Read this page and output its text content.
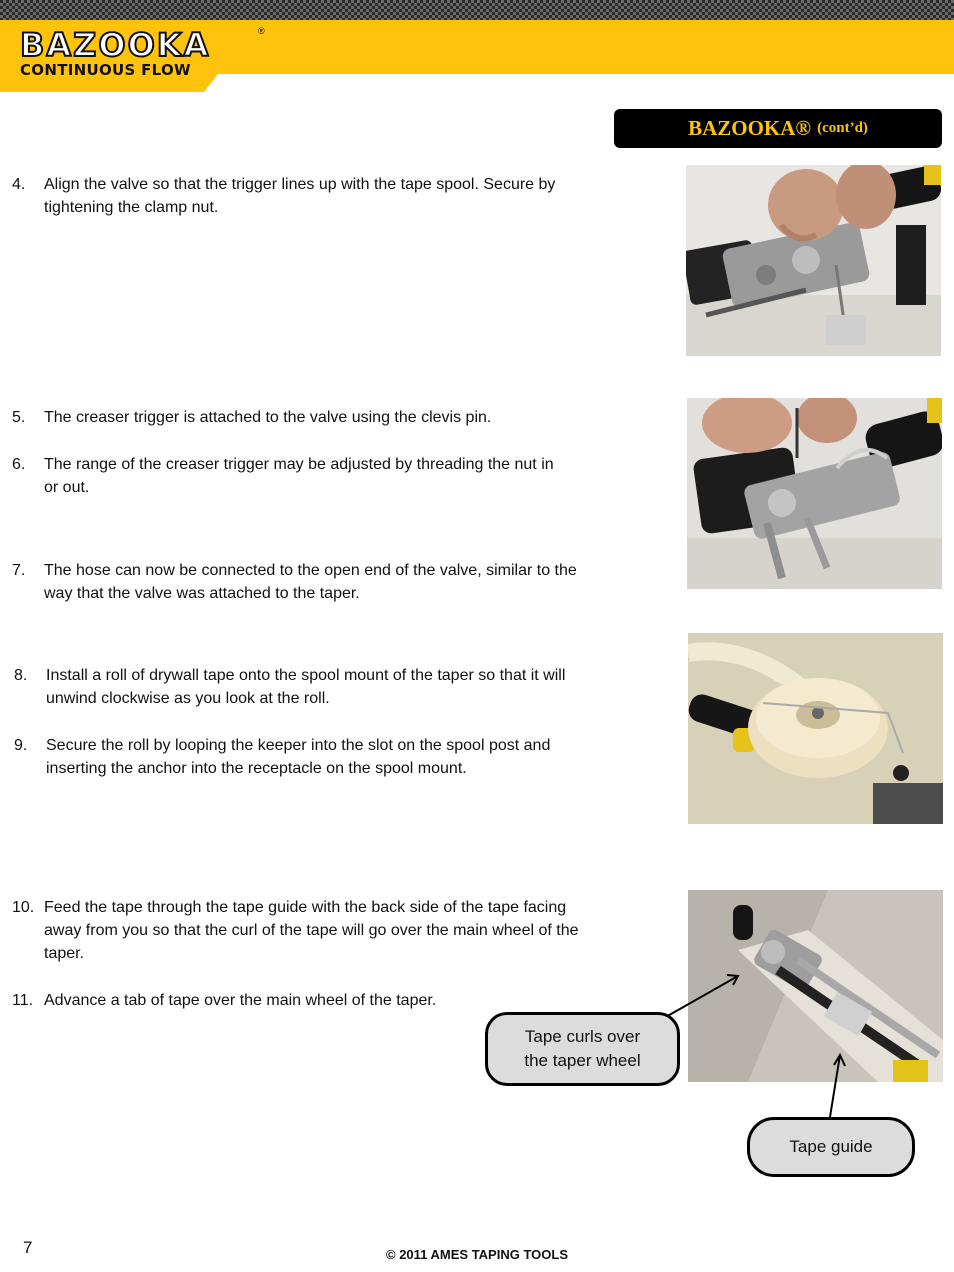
BAZOOKA	®
CONTINUOUS FLOW
BAZOOKA® (cont’d)
4.	Align the valve so that the trigger lines up with the tape spool. Secure by tightening the clamp nut.
5.	The creaser trigger is attached to the valve using the clevis pin.
6.	The range of the creaser trigger may be adjusted by threading the nut in or out.
7.	The hose can now be connected to the open end of the valve, similar to the way that the valve was attached to the taper.
8.	Install a roll of drywall tape onto the spool mount of the taper so that it will unwind clockwise as you look at the roll.
9.	Secure the roll by looping the keeper into the slot on the spool post and inserting the anchor into the receptacle on the spool mount.
10. Feed the tape through the tape guide with the back side of the tape facing away from you so that the curl of the tape will go over the main wheel of the taper.
11. Advance a tab of tape over the main wheel of the taper.
Tape curls over
the taper wheel
Tape guide
7	© 2011 AMES TAPING TOOLS
